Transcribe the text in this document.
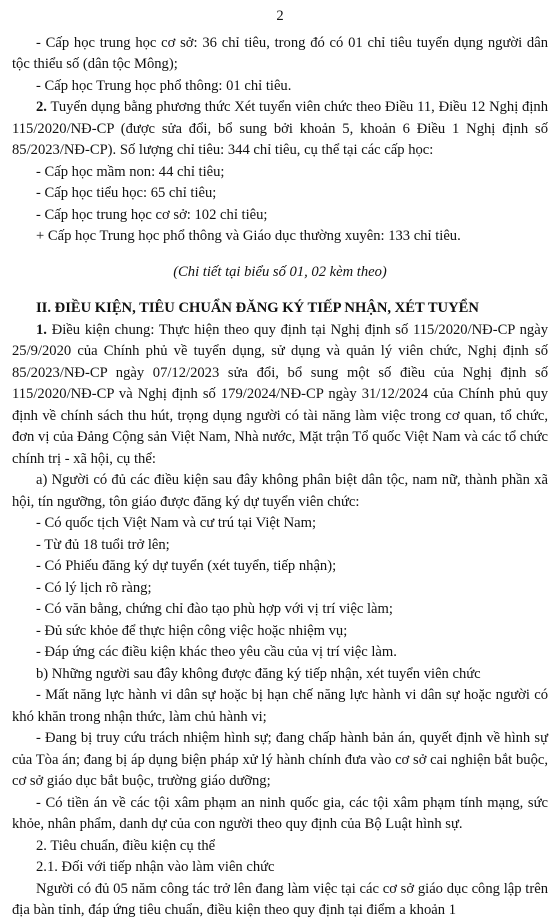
2

- Cấp học trung học cơ sở: 36 chỉ tiêu, trong đó có 01 chỉ tiêu tuyển dụng người dân tộc thiểu số (dân tộc Mông);

- Cấp học Trung học phổ thông: 01 chỉ tiêu.

2. Tuyển dụng bằng phương thức Xét tuyển viên chức theo Điều 11, Điều 12 Nghị định 115/2020/NĐ-CP (được sửa đổi, bổ sung bởi khoản 5, khoản 6 Điều 1 Nghị định số 85/2023/NĐ-CP). Số lượng chỉ tiêu: 344 chỉ tiêu, cụ thể tại các cấp học:

- Cấp học mầm non: 44 chỉ tiêu;

- Cấp học tiểu học: 65 chỉ tiêu;

- Cấp học trung học cơ sở: 102 chỉ tiêu;

+ Cấp học Trung học phổ thông và Giáo dục thường xuyên: 133 chỉ tiêu.

(Chi tiết tại biểu số 01, 02 kèm theo)

II. ĐIỀU KIỆN, TIÊU CHUẨN ĐĂNG KÝ TIẾP NHẬN, XÉT TUYỂN

1. Điều kiện chung: Thực hiện theo quy định tại Nghị định số 115/2020/NĐ-CP ngày 25/9/2020 của Chính phủ về tuyển dụng, sử dụng và quản lý viên chức, Nghị định số 85/2023/NĐ-CP ngày 07/12/2023 sửa đổi, bổ sung một số điều của Nghị định số 115/2020/NĐ-CP và Nghị định số 179/2024/NĐ-CP ngày 31/12/2024 của Chính phủ quy định về chính sách thu hút, trọng dụng người có tài năng làm việc trong cơ quan, tổ chức, đơn vị của Đảng Cộng sản Việt Nam, Nhà nước, Mặt trận Tổ quốc Việt Nam và các tổ chức chính trị - xã hội, cụ thể:

a) Người có đủ các điều kiện sau đây không phân biệt dân tộc, nam nữ, thành phần xã hội, tín ngưỡng, tôn giáo được đăng ký dự tuyển viên chức:

- Có quốc tịch Việt Nam và cư trú tại Việt Nam;

- Từ đủ 18 tuổi trở lên;

- Có Phiếu đăng ký dự tuyển (xét tuyển, tiếp nhận);

- Có lý lịch rõ ràng;

- Có văn bằng, chứng chỉ đào tạo phù hợp với vị trí việc làm;

- Đủ sức khỏe để thực hiện công việc hoặc nhiệm vụ;

- Đáp ứng các điều kiện khác theo yêu cầu của vị trí việc làm.

b) Những người sau đây không được đăng ký tiếp nhận, xét tuyển viên chức

- Mất năng lực hành vi dân sự hoặc bị hạn chế năng lực hành vi dân sự hoặc người có khó khăn trong nhận thức, làm chủ hành vi;

- Đang bị truy cứu trách nhiệm hình sự; đang chấp hành bản án, quyết định về hình sự của Tòa án; đang bị áp dụng biện pháp xử lý hành chính đưa vào cơ sở cai nghiện bắt buộc, cơ sở giáo dục bắt buộc, trường giáo dưỡng;

- Có tiền án về các tội xâm phạm an ninh quốc gia, các tội xâm phạm tính mạng, sức khỏe, nhân phẩm, danh dự của con người theo quy định của Bộ Luật hình sự.

2. Tiêu chuẩn, điều kiện cụ thể

2.1. Đối với tiếp nhận vào làm viên chức

Người có đủ 05 năm công tác trở lên đang làm việc tại các cơ sở giáo dục công lập trên địa bàn tỉnh, đáp ứng tiêu chuẩn, điều kiện theo quy định tại điểm a khoản 1
